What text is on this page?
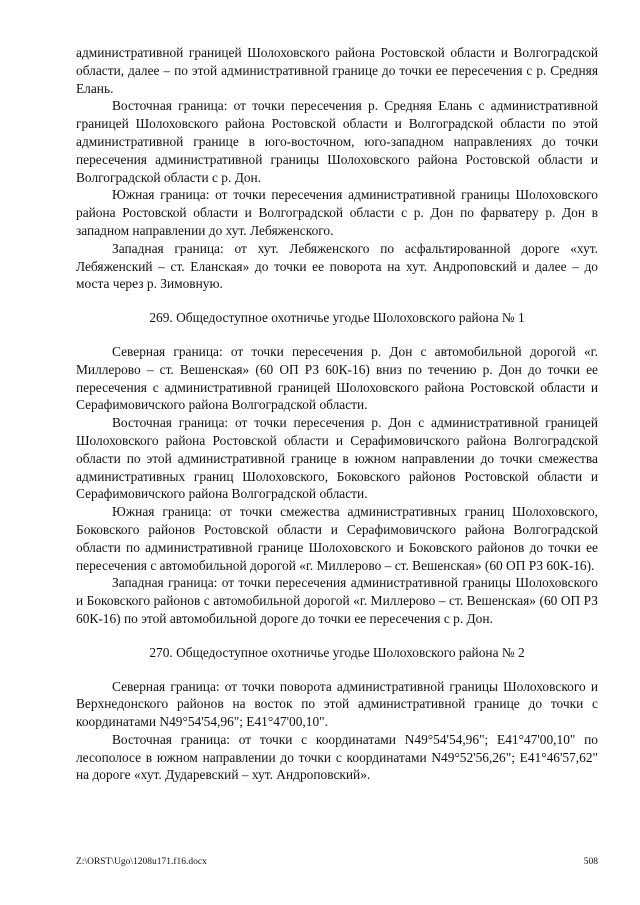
административной границей Шолоховского района Ростовской области и Волгоградской области, далее – по этой административной границе до точки ее пересечения с р. Средняя Елань.

Восточная граница: от точки пересечения р. Средняя Елань с административной границей Шолоховского района Ростовской области и Волгоградской области по этой административной границе в юго-восточном, юго-западном направлениях до точки пересечения административной границы Шолоховского района Ростовской области и Волгоградской области с р. Дон.

Южная граница: от точки пересечения административной границы Шолоховского района Ростовской области и Волгоградской области с р. Дон по фарватеру р. Дон в западном направлении до хут. Лебяженского.

Западная граница: от хут. Лебяженского по асфальтированной дороге «хут. Лебяженский – ст. Еланская» до точки ее поворота на хут. Андроповский и далее – до моста через р. Зимовную.

269. Общедоступное охотничье угодье Шолоховского района № 1

Северная граница: от точки пересечения р. Дон с автомобильной дорогой «г. Миллерово – ст. Вешенская» (60 ОП РЗ 60К-16) вниз по течению р. Дон до точки ее пересечения с административной границей Шолоховского района Ростовской области и Серафимовичского района Волгоградской области.

Восточная граница: от точки пересечения р. Дон с административной границей Шолоховского района Ростовской области и Серафимовичского района Волгоградской области по этой административной границе в южном направлении до точки смежества административных границ Шолоховского, Боковского районов Ростовской области и Серафимовичского района Волгоградской области.

Южная граница: от точки смежества административных границ Шолоховского, Боковского районов Ростовской области и Серафимовичского района Волгоградской области по административной границе Шолоховского и Боковского районов до точки ее пересечения с автомобильной дорогой «г. Миллерово – ст. Вешенская» (60 ОП РЗ 60К-16).

Западная граница: от точки пересечения административной границы Шолоховского и Боковского районов с автомобильной дорогой «г. Миллерово – ст. Вешенская» (60 ОП РЗ 60К-16) по этой автомобильной дороге до точки ее пересечения с р. Дон.

270. Общедоступное охотничье угодье Шолоховского района № 2

Северная граница: от точки поворота административной границы Шолоховского и Верхнедонского районов на восток по этой административной границе до точки с координатами N49°54'54,96"; E41°47'00,10".

Восточная граница: от точки с координатами N49°54'54,96"; E41°47'00,10" по лесополосе в южном направлении до точки с координатами N49°52'56,26"; E41°46'57,62" на дороге «хут. Дударевский – хут. Андроповский».

Z:\ORST\Ugo\1208u171.f16.docx	508
